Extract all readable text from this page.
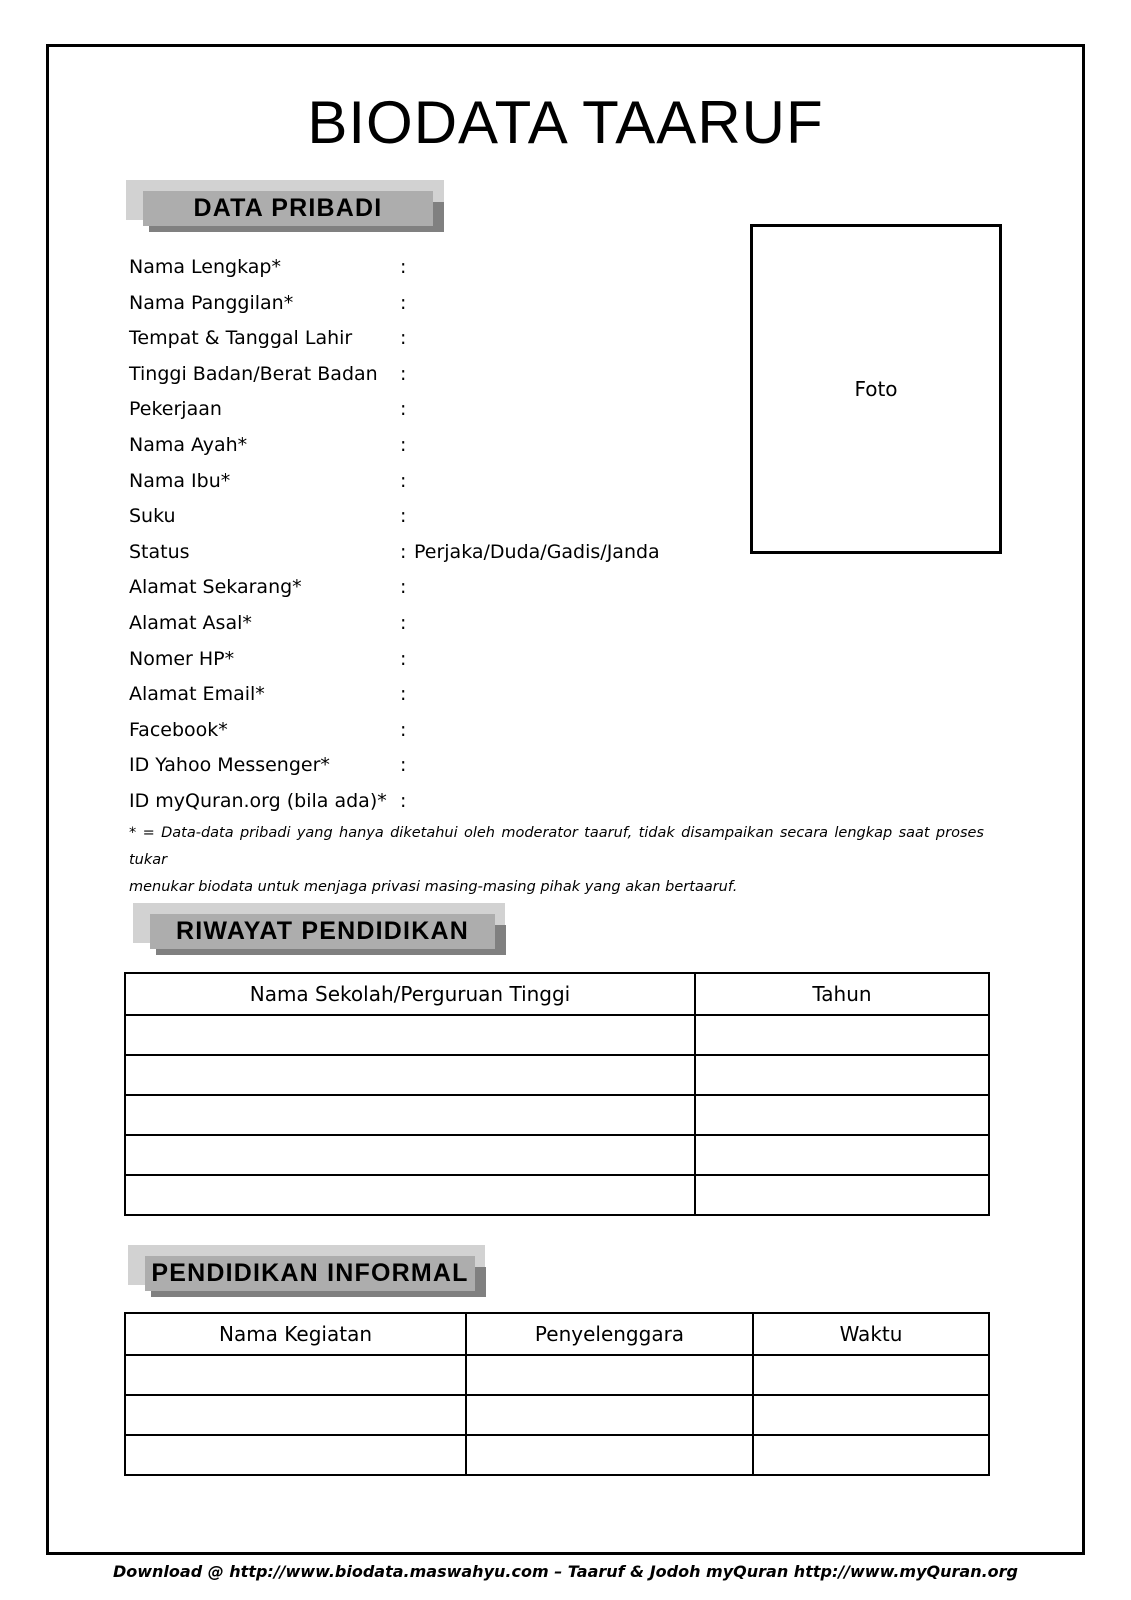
BIODATA TAARUF
DATA PRIBADI
Nama Lengkap*	:
Nama Panggilan*	:
Tempat & Tanggal Lahir	:
Tinggi Badan/Berat Badan :
Pekerjaan	:
Nama Ayah*	:
Nama Ibu*	:
Suku	:
Status	: Perjaka/Duda/Gadis/Janda
Alamat Sekarang*	:
Alamat Asal*	:
Nomer HP*	:
Alamat Email*	:
Facebook*	:
ID Yahoo Messenger*	:
ID myQuran.org (bila ada)* :
* = Data-data pribadi yang hanya diketahui oleh moderator taaruf, tidak disampaikan secara lengkap saat proses tukar
menukar biodata untuk menjaga privasi masing-masing pihak yang akan bertaaruf.
Foto
RIWAYAT PENDIDIKAN
Nama Sekolah/Perguruan Tinggi	Tahun

PENDIDIKAN INFORMAL
Nama Kegiatan	Penyelenggara	Waktu

Download @ http://www.biodata.maswahyu.com – Taaruf & Jodoh myQuran http://www.myQuran.org
